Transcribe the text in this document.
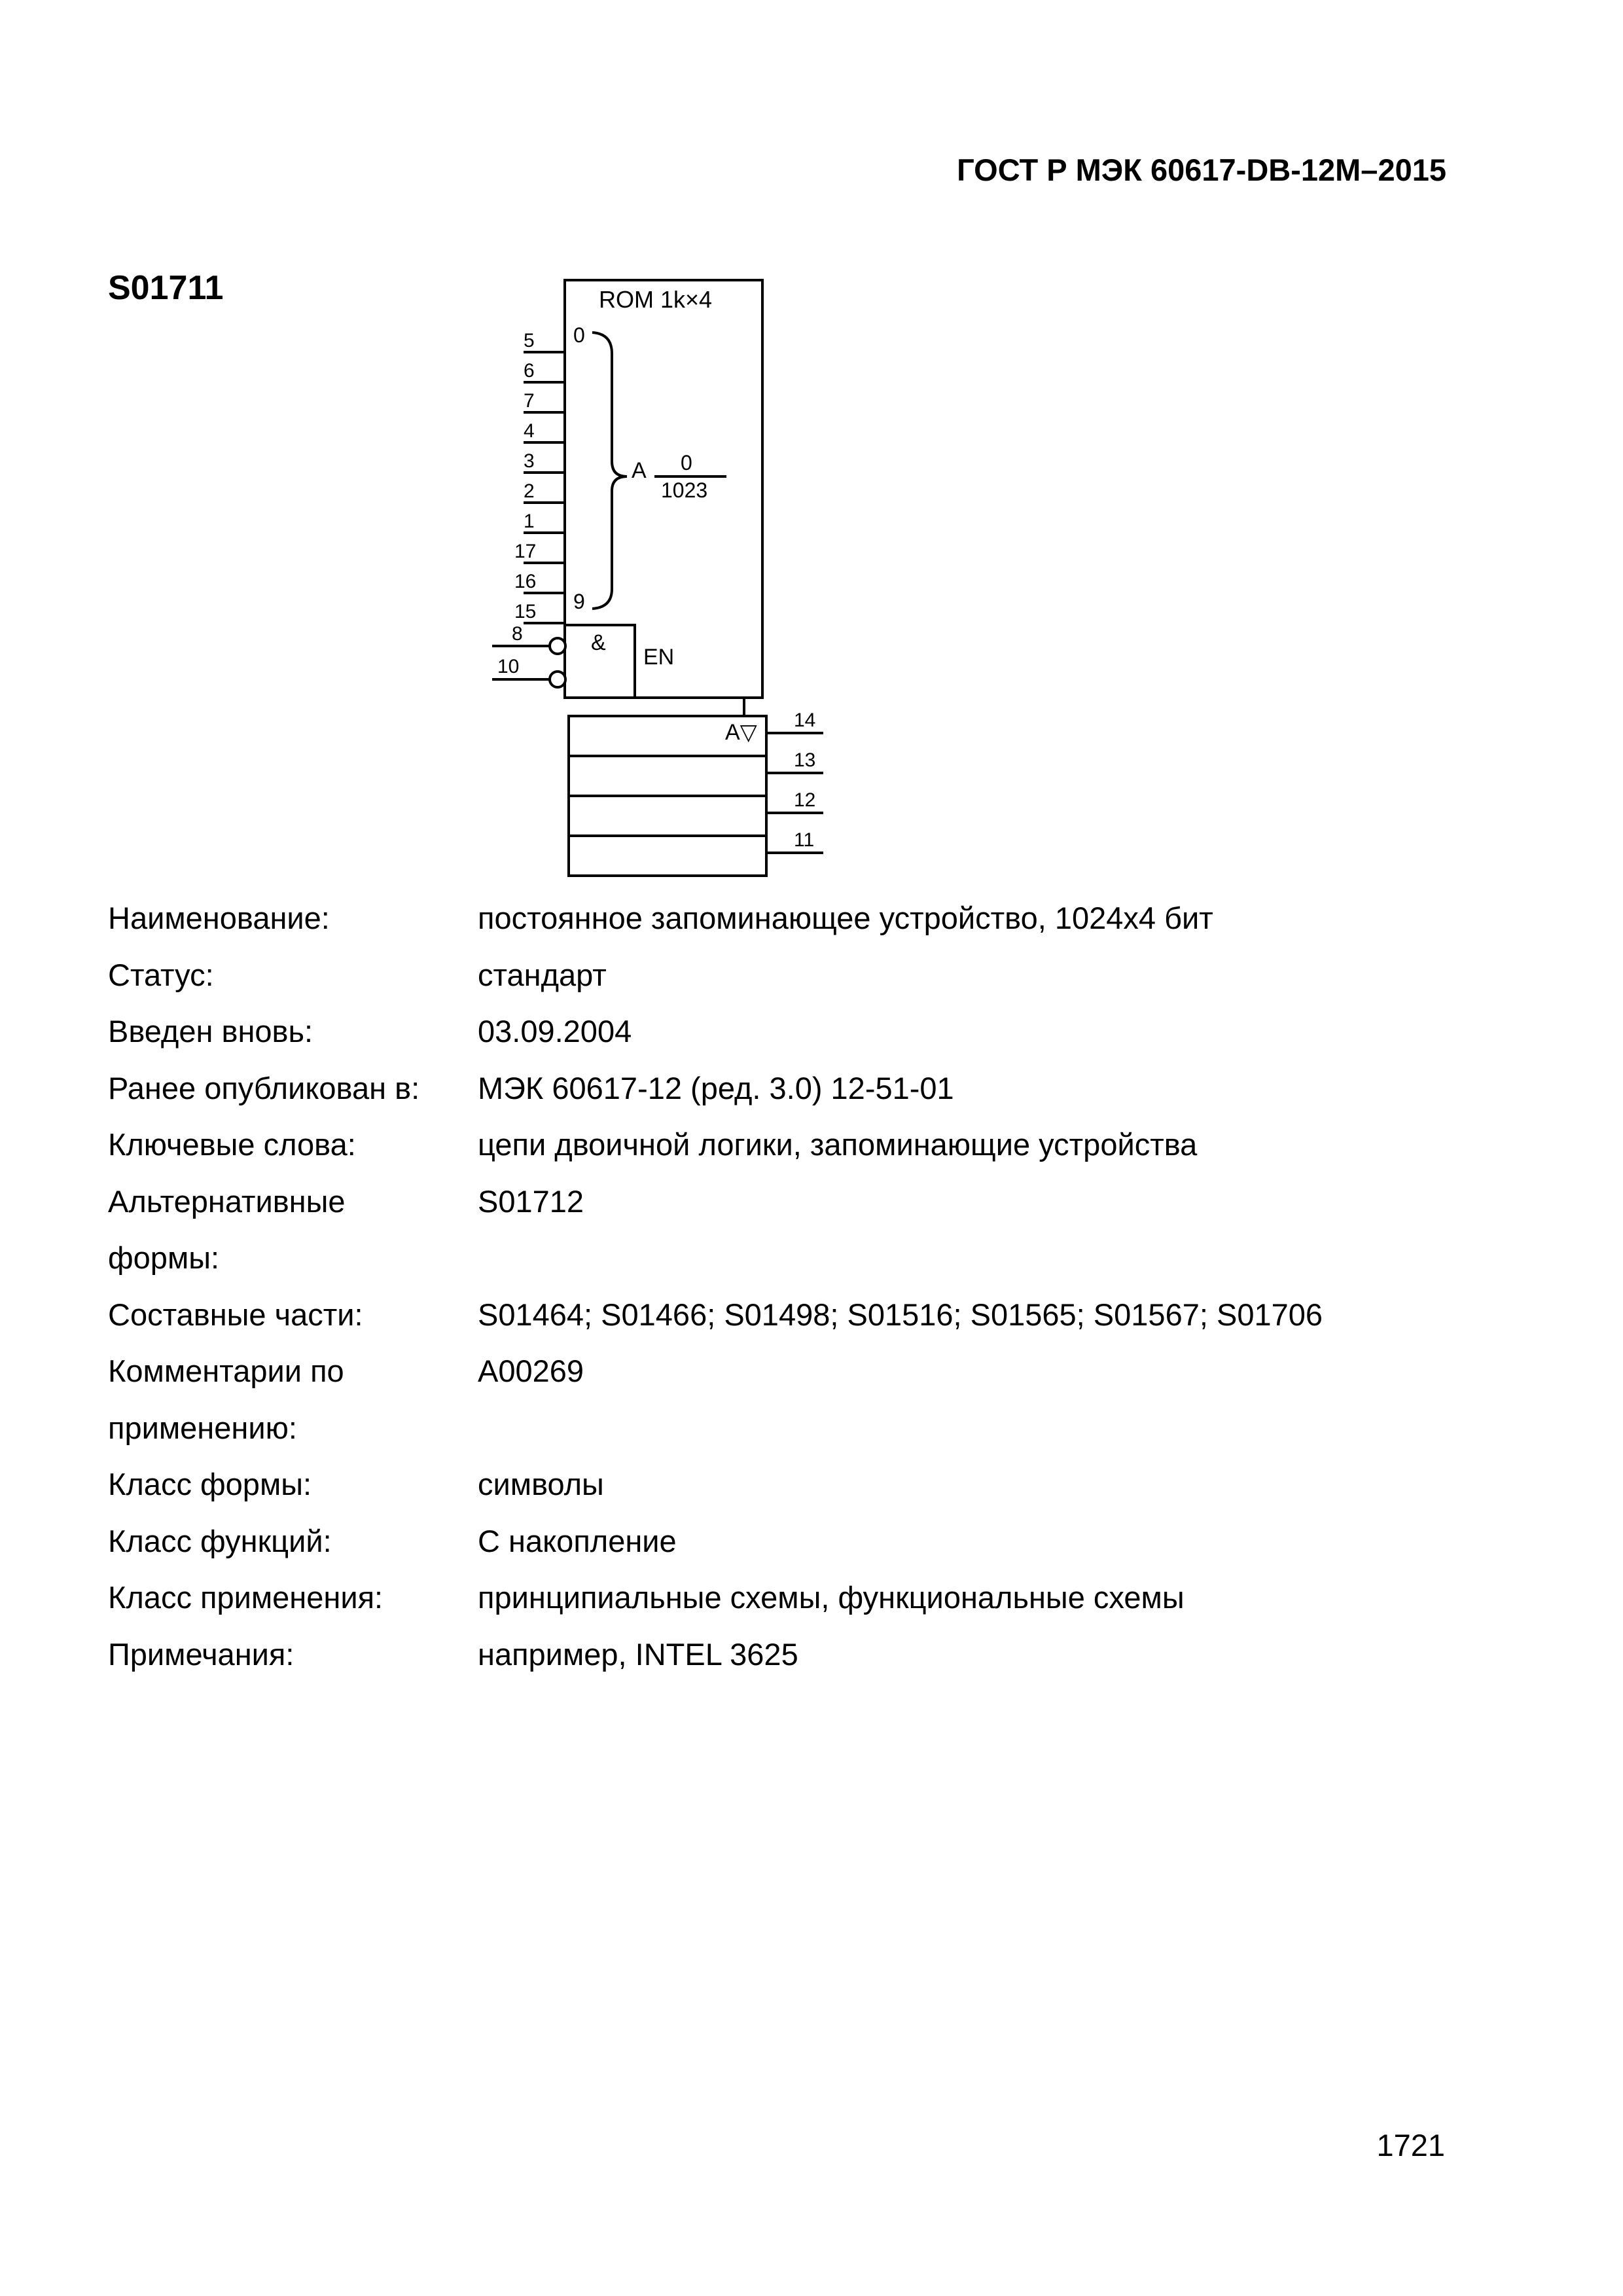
ГОСТ Р МЭК 60617-DB-12M–2015
S01711	ROM 1k×4
0
9
A 0
1023
&
EN
A▽
5
6
7
4
3
2
1
17
16
15
8
10
14
13
12
11
Наименование:	постоянное запоминающее устройство, 1024х4 бит
Статус:	стандарт
Введен вновь:	03.09.2004
Ранее опубликован в:	МЭК 60617-12 (ред. 3.0) 12-51-01
Ключевые слова:	цепи двоичной логики, запоминающие устройства
Альтернативные	S01712
формы:
Составные части:	S01464; S01466; S01498; S01516; S01565; S01567; S01706
Комментарии по	A00269
применению:
Класс формы:	символы
Класс функций:	С накопление
Класс применения:	принципиальные схемы, функциональные схемы
Примечания:	например, INTEL 3625
1721
